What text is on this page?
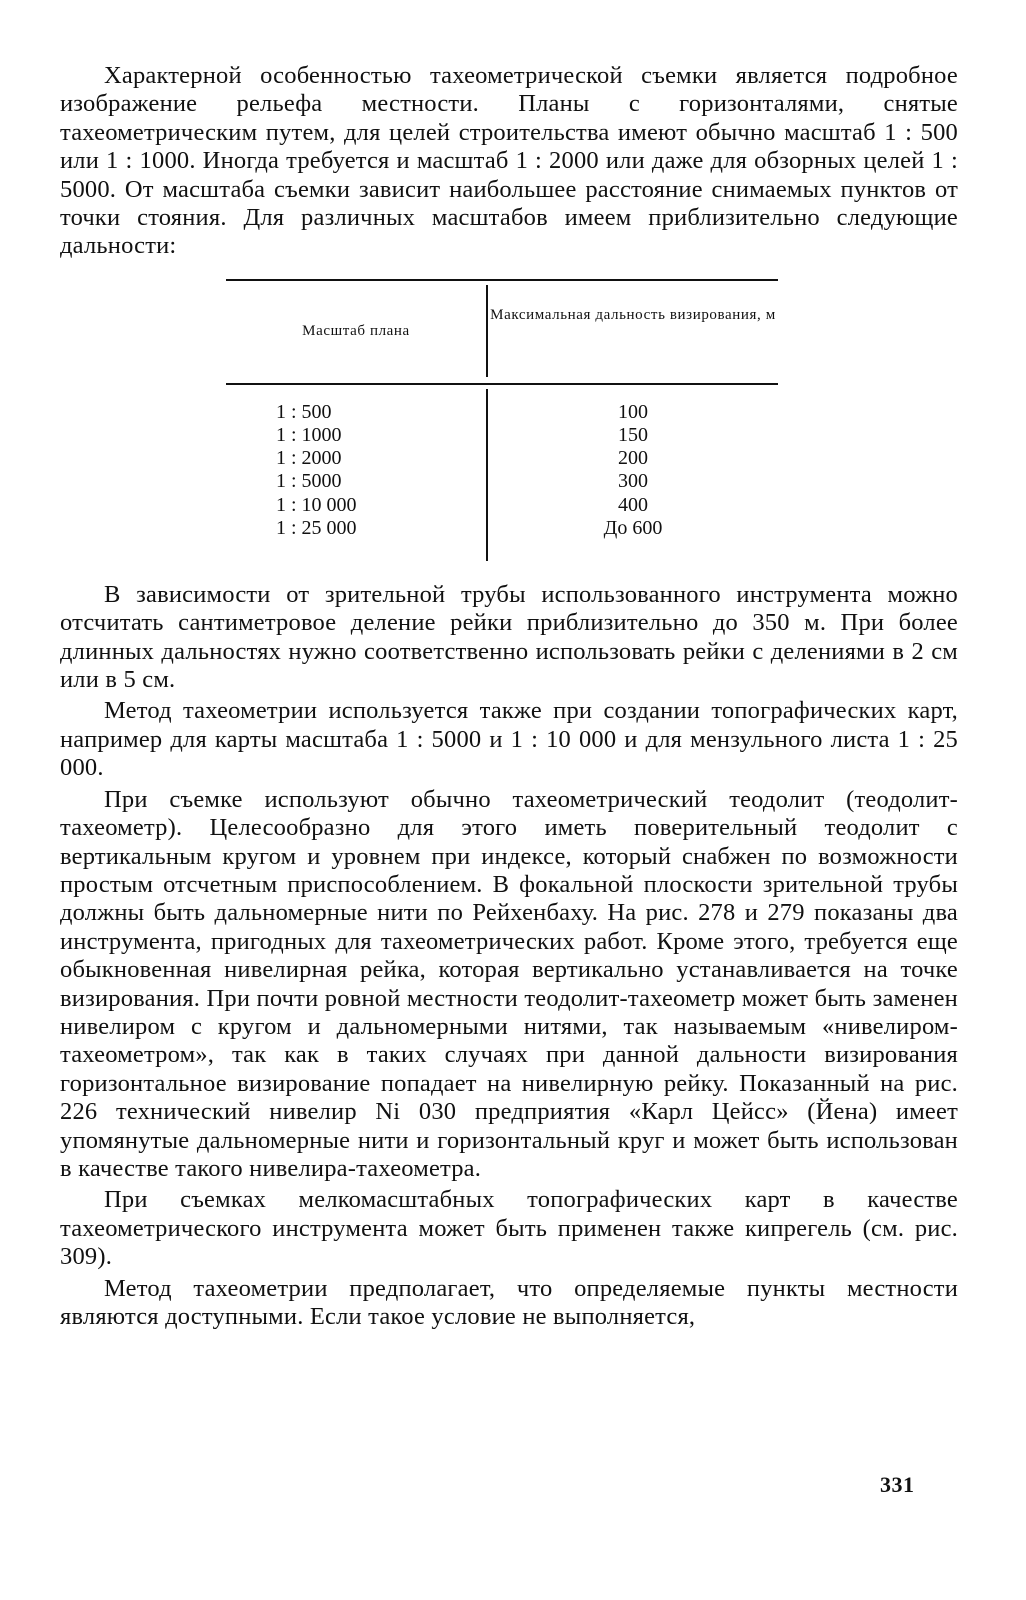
Характерной особенностью тахеометрической съемки является подробное изображение рельефа местности. Планы с горизонталями, снятые тахеометрическим путем, для целей строительства имеют обычно масштаб 1 : 500 или 1 : 1000. Иногда требуется и масштаб 1 : 2000 или даже для обзорных целей 1 : 5000. От масштаба съемки зависит наибольшее расстояние снимаемых пунктов от точки стояния. Для различных масштабов имеем приблизительно следующие дальности:

Масштаб плана
Максимальная дальность визирования, м
1 : 500
1 : 1000
1 : 2000
1 : 5000
1 : 10 000
1 : 25 000
100
150
200
300
400
До 600

В зависимости от зрительной трубы использованного инструмента можно отсчитать сантиметровое деление рейки приблизительно до 350 м. При более длинных дальностях нужно соответственно использовать рейки с делениями в 2 см или в 5 см.

Метод тахеометрии используется также при создании топографических карт, например для карты масштаба 1 : 5000 и 1 : 10 000 и для мензульного листа 1 : 25 000.

При съемке используют обычно тахеометрический теодолит (теодолит-тахеометр). Целесообразно для этого иметь поверительный теодолит с вертикальным кругом и уровнем при индексе, который снабжен по возможности простым отсчетным приспособлением. В фокальной плоскости зрительной трубы должны быть дальномерные нити по Рейхенбаху. На рис. 278 и 279 показаны два инструмента, пригодных для тахеометрических работ. Кроме этого, требуется еще обыкновенная нивелирная рейка, которая вертикально устанавливается на точке визирования. При почти ровной местности теодолит-тахеометр может быть заменен нивелиром с кругом и дальномерными нитями, так называемым «нивелиром-тахеометром», так как в таких случаях при данной дальности визирования горизонтальное визирование попадает на нивелирную рейку. Показанный на рис. 226 технический нивелир Ni 030 предприятия «Карл Цейсс» (Йена) имеет упомянутые дальномерные нити и горизонтальный круг и может быть использован в качестве такого нивелира-тахеометра.

При съемках мелкомасштабных топографических карт в качестве тахеометрического инструмента может быть применен также кипрегель (см. рис. 309).

Метод тахеометрии предполагает, что определяемые пункты местности являются доступными. Если такое условие не выполняется,

331
